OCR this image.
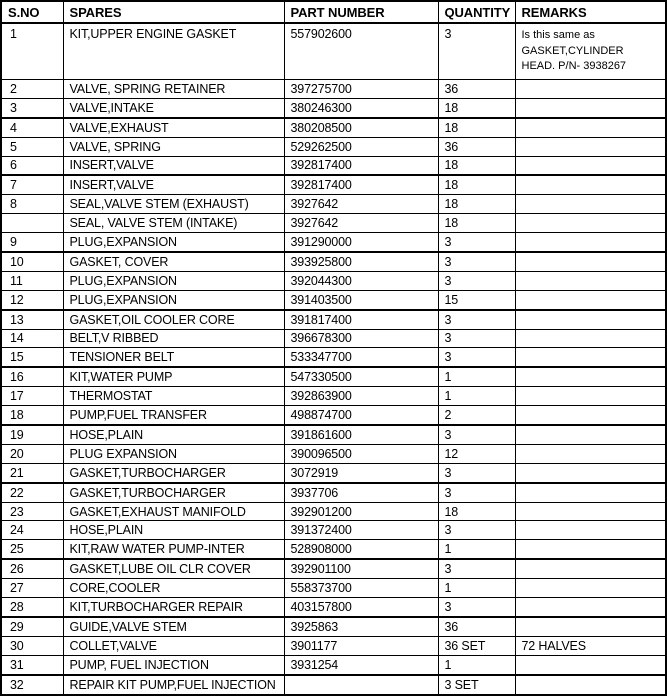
S.NO	SPARES	PART NUMBER	QUANTITY	REMARKS
1	KIT,UPPER ENGINE GASKET	557902600	3	Is this same as GASKET,CYLINDER HEAD. P/N- 3938267
2	VALVE, SPRING RETAINER	397275700	36	
3	VALVE,INTAKE	380246300	18	
4	VALVE,EXHAUST	380208500	18	
5	VALVE, SPRING	529262500	36	
6	INSERT,VALVE	392817400	18	
7	INSERT,VALVE	392817400	18	
8	SEAL,VALVE STEM (EXHAUST)	3927642	18	
	SEAL, VALVE STEM (INTAKE)	3927642	18	
9	PLUG,EXPANSION	391290000	3	
10	GASKET, COVER	393925800	3	
11	PLUG,EXPANSION	392044300	3	
12	PLUG,EXPANSION	391403500	15	
13	GASKET,OIL COOLER CORE	391817400	3	
14	BELT,V RIBBED	396678300	3	
15	TENSIONER BELT	533347700	3	
16	KIT,WATER PUMP	547330500	1	
17	THERMOSTAT	392863900	1	
18	PUMP,FUEL TRANSFER	498874700	2	
19	HOSE,PLAIN	391861600	3	
20	PLUG EXPANSION	390096500	12	
21	GASKET,TURBOCHARGER	3072919	3	
22	GASKET,TURBOCHARGER	3937706	3	
23	GASKET,EXHAUST MANIFOLD	392901200	18	
24	HOSE,PLAIN	391372400	3	
25	KIT,RAW WATER PUMP-INTER	528908000	1	
26	GASKET,LUBE OIL CLR COVER	392901100	3	
27	CORE,COOLER	558373700	1	
28	KIT,TURBOCHARGER REPAIR	403157800	3	
29	GUIDE,VALVE STEM	3925863	36	
30	COLLET,VALVE	3901177	36 SET	72 HALVES
31	PUMP, FUEL INJECTION	3931254	1	
32	REPAIR KIT PUMP,FUEL INJECTION		3 SET	
